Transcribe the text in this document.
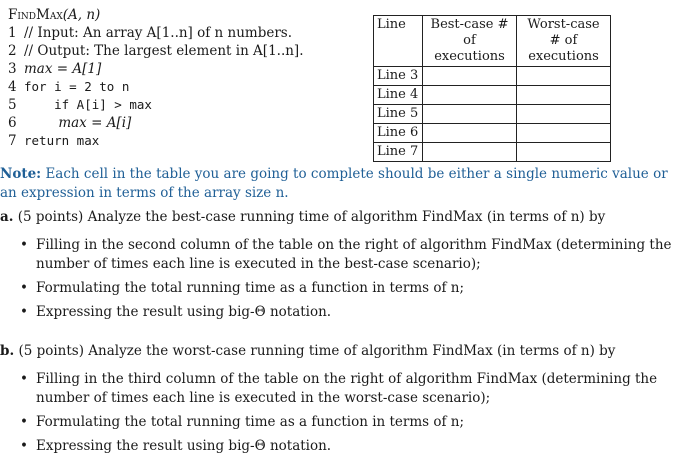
FindMax(A, n)
1 // Input: An array A[1..n] of n numbers.
2 // Output: The largest element in A[1..n].
3 max = A[1]
4 for i = 2 to n
5 if A[i] > max
6 max = A[i]
7 return max
Line	Best-case # of executions	Worst-case # of executions
Line 3		
Line 4		
Line 5		
Line 6		
Line 7		
Note: Each cell in the table you are going to complete should be either a single numeric value or an expression in terms of the array size n.
a. (5 points) Analyze the best-case running time of algorithm FindMax (in terms of n) by
• Filling in the second column of the table on the right of algorithm FindMax (determining the number of times each line is executed in the best-case scenario);
• Formulating the total running time as a function in terms of n;
• Expressing the result using big-Θ notation.
b. (5 points) Analyze the worst-case running time of algorithm FindMax (in terms of n) by
• Filling in the third column of the table on the right of algorithm FindMax (determining the number of times each line is executed in the worst-case scenario);
• Formulating the total running time as a function in terms of n;
• Expressing the result using big-Θ notation.
